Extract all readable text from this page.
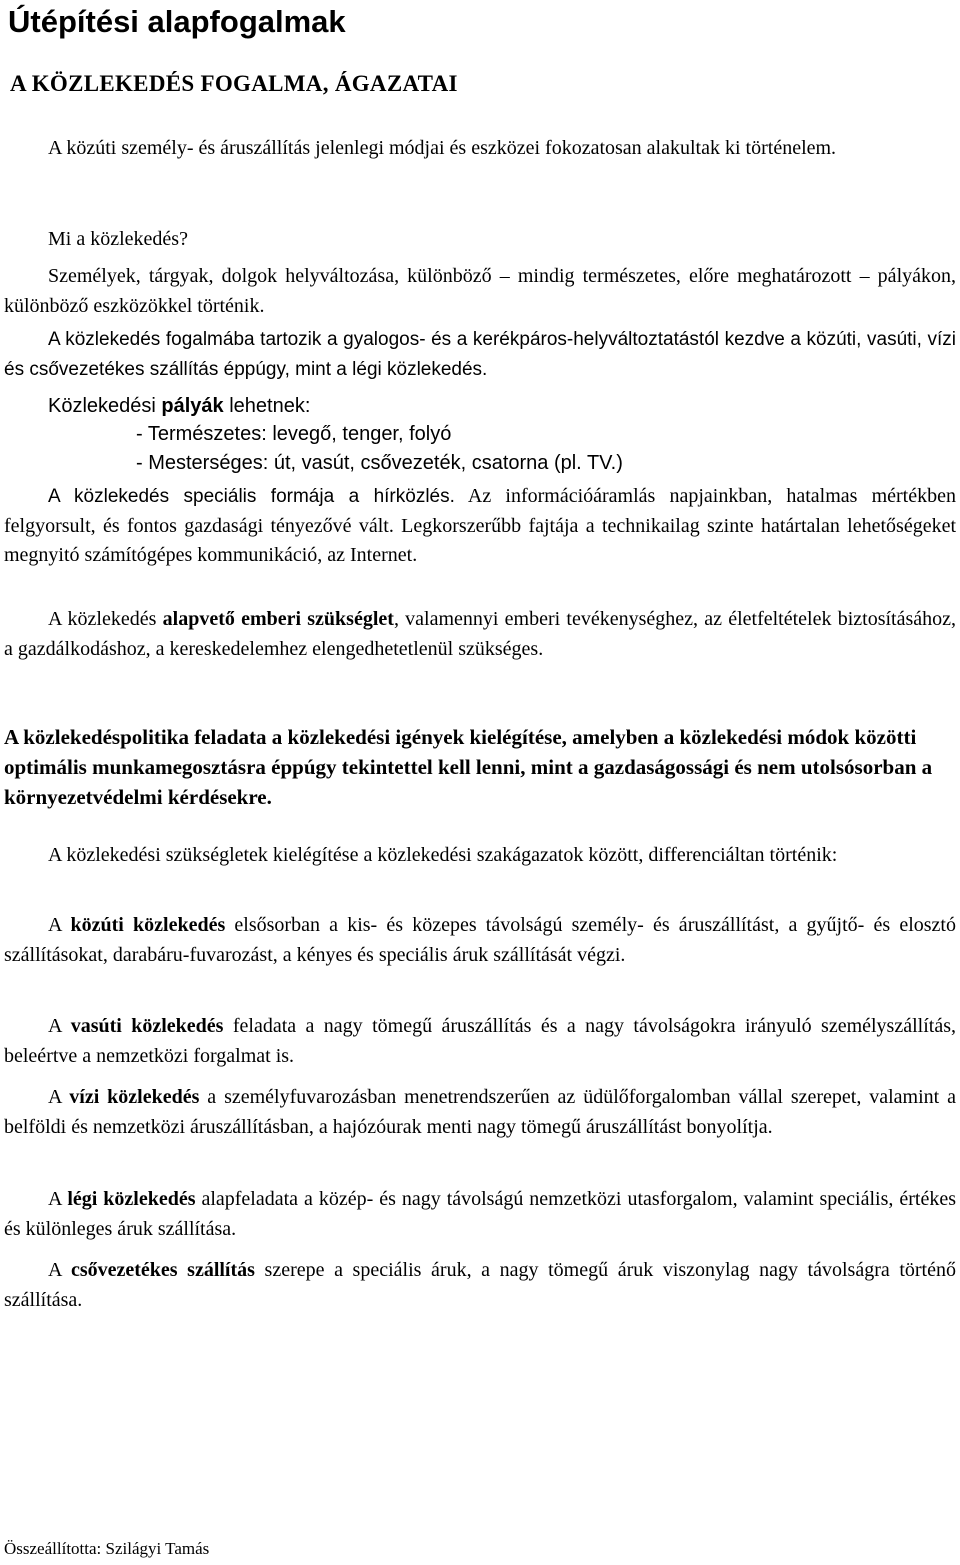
Útépítési alapfogalmak
A KÖZLEKEDÉS FOGALMA, ÁGAZATAI

A közúti személy- és áruszállítás jelenlegi módjai és eszközei fokozatosan alakultak ki történelem.

Mi a közlekedés?

Személyek, tárgyak, dolgok helyváltozása, különböző – mindig természetes, előre meghatározott – pályákon, különböző eszközökkel történik.

A közlekedés fogalmába tartozik a gyalogos- és a kerékpáros-helyváltoztatástól kezdve a közúti, vasúti, vízi és csővezetékes szállítás éppúgy, mint a légi közlekedés.

Közlekedési pályák lehetnek:

- Természetes: levegő, tenger, folyó

- Mesterséges: út, vasút, csővezeték, csatorna (pl. TV.)

A közlekedés speciális formája a hírközlés. Az információáramlás napjainkban, hatalmas mértékben felgyorsult, és fontos gazdasági tényezővé vált. Legkorszerűbb fajtája a technikailag szinte határtalan lehetőségeket megnyitó számítógépes kommunikáció, az Internet.

A közlekedés alapvető emberi szükséglet, valamennyi emberi tevékenységhez, az életfeltételek biztosításához, a gazdálkodáshoz, a kereskedelemhez elengedhetetlenül szükséges.

A közlekedéspolitika feladata a közlekedési igények kielégítése, amelyben a közlekedési módok közötti optimális munkamegosztásra éppúgy tekintettel kell lenni, mint a gazdaságossági és nem utolsósorban a környezetvédelmi kérdésekre.

A közlekedési szükségletek kielégítése a közlekedési szakágazatok között, differenciáltan történik:

A közúti közlekedés elsősorban a kis- és közepes távolságú személy- és áruszállítást, a gyűjtő- és elosztó szállításokat, darabáru-fuvarozást, a kényes és speciális áruk szállítását végzi.

A vasúti közlekedés feladata a nagy tömegű áruszállítás és a nagy távolságokra irányuló személyszállítás, beleértve a nemzetközi forgalmat is.

A vízi közlekedés a személyfuvarozásban menetrendszerűen az üdülőforgalomban vállal szerepet, valamint a belföldi és nemzetközi áruszállításban, a hajózóurak menti nagy tömegű áruszállítást bonyolítja.

A légi közlekedés alapfeladata a közép- és nagy távolságú nemzetközi utasforgalom, valamint speciális, értékes és különleges áruk szállítása.

A csővezetékes szállítás szerepe a speciális áruk, a nagy tömegű áruk viszonylag nagy távolságra történő szállítása.

Összeállította: Szilágyi Tamás
